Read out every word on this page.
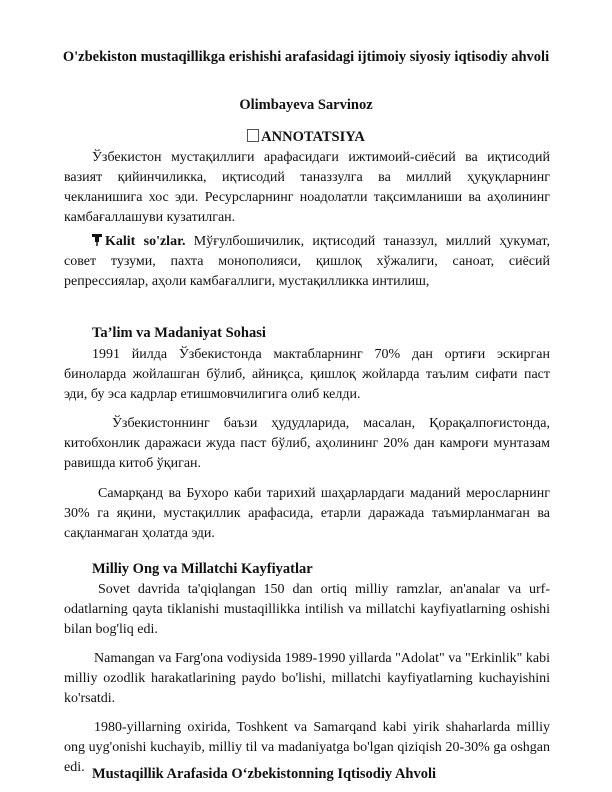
O'zbekiston mustaqillikga erishishi arafasidagi ijtimoiy siyosiy iqtisodiy ahvoli
Olimbayeva Sarvinoz
ANNOTATSIYA

Ўзбекистон мустақиллиги арафасидаги ижтимоий-сиёсий ва иқтисодий вазият қийинчиликка, иқтисодий таназзулга ва миллий ҳуқуқларнинг чекланишига хос эди. Ресурсларнинг ноадолатли тақсимланиши ва аҳолининг камбағаллашуви кузатилган.

Kalit so'zlar. Мўғулбошичилик, иқтисодий таназзул, миллий ҳукумат, совет тузуми, пахта монополияси, қишлоқ хўжалиги, саноат, сиёсий репрессиялар, аҳоли камбағаллиги, мустақилликка интилиш,

Ta’lim va Madaniyat Sohasi

1991 йилда Ўзбекистонда мактабларнинг 70% дан ортиғи эскирган биноларда жойлашган бўлиб, айниқса, қишлоқ жойларда таълим сифати паст эди, бу эса кадрлар етишмовчилигига олиб келди.

Ўзбекистоннинг баъзи ҳудудларида, масалан, Қорақалпоғистонда, китобхонлик даражаси жуда паст бўлиб, аҳолининг 20% дан камроғи мунтазам равишда китоб ўқиган.

Самарқанд ва Бухоро каби тарихий шаҳарлардаги маданий меросларнинг 30% га яқини, мустақиллик арафасида, етарли даражада таъмирланмаган ва сақланмаган ҳолатда эди.

Milliy Ong va Millatchi Kayfiyatlar

Sovet davrida ta'qiqlangan 150 dan ortiq milliy ramzlar, an'analar va urf-odatlarning qayta tiklanishi mustaqillikka intilish va millatchi kayfiyatlarning oshishi bilan bog'liq edi.

Namangan va Farg'ona vodiysida 1989-1990 yillarda "Adolat" va "Erkinlik" kabi milliy ozodlik harakatlarining paydo bo'lishi, millatchi kayfiyatlarning kuchayishini ko'rsatdi.

1980-yillarning oxirida, Toshkent va Samarqand kabi yirik shaharlarda milliy ong uyg'onishi kuchayib, milliy til va madaniyatga bo'lgan qiziqish 20-30% ga oshgan edi. Mustaqillik Arafasida O‘zbekistonning Iqtisodiy Ahvoli
